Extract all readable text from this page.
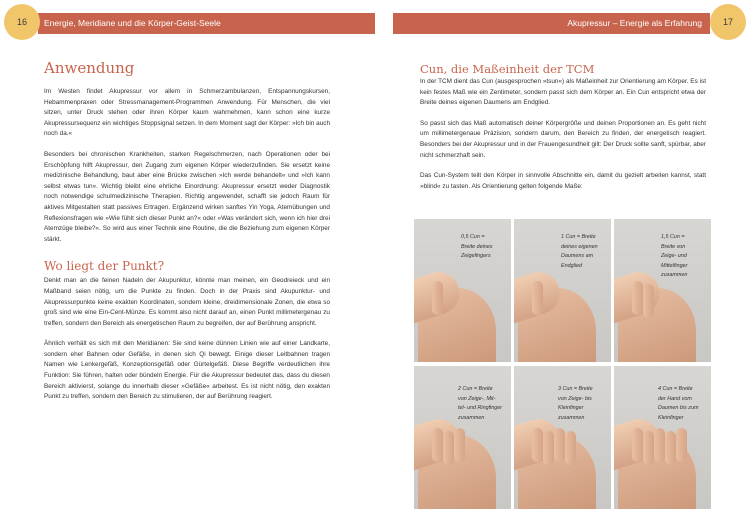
16	17
Energie, Meridiane und die Körper-Geist-Seele	Akupressur – Energie als Erfahrung
Anwendung

Im Westen findet Akupressur vor allem in Schmerzambulanzen, Entspannungskursen, Hebammenpraxen oder Stressmanagement-Programmen Anwendung. Für Menschen, die viel sitzen, unter Druck stehen oder ihren Körper kaum wahrnehmen, kann schon eine kurze Akupressursequenz ein wichtiges Stoppsignal setzen. In dem Moment sagt der Körper: »Ich bin auch noch da.«

Besonders bei chronischen Krankheiten, starken Regelschmerzen, nach Operationen oder bei Erschöpfung hilft Akupressur, den Zugang zum eigenen Körper wiederzufinden. Sie ersetzt keine medizinische Behandlung, baut aber eine Brücke zwischen »Ich werde behandelt« und »Ich kann selbst etwas tun«. Wichtig bleibt eine ehrliche Einordnung: Akupressur ersetzt weder Diagnostik noch notwendige schulmedizinische Therapien. Richtig angewendet, schafft sie jedoch Raum für aktives Mitgestalten statt passives Ertragen. Ergänzend wirken sanftes Yin Yoga, Atemübungen und Reflexionsfragen wie »Wie fühlt sich dieser Punkt an?« oder »Was verändert sich, wenn ich hier drei Atemzüge bleibe?«. So wird aus einer Technik eine Routine, die die Beziehung zum eigenen Körper stärkt.

Wo liegt der Punkt?

Denkt man an die feinen Nadeln der Akupunktur, könnte man meinen, ein Geodreieck und ein Maßband seien nötig, um die Punkte zu finden. Doch in der Praxis sind Akupunktur- und Akupressurpunkte keine exakten Koordinaten, sondern kleine, dreidimensionale Zonen, die etwa so groß sind wie eine Ein-Cent-Münze. Es kommt also nicht darauf an, einen Punkt millimetergenau zu treffen, sondern den Bereich als energetischen Raum zu begreifen, der auf Berührung anspricht.

Ähnlich verhält es sich mit den Meridianen: Sie sind keine dünnen Linien wie auf einer Landkarte, sondern eher Bahnen oder Gefäße, in denen sich Qi bewegt. Einige dieser Leitbahnen tragen Namen wie Lenkergefäß, Konzeptionsgefäß oder Gürtelgefäß. Diese Begriffe verdeutlichen ihre Funktion: Sie führen, halten oder bündeln Energie. Für die Akupressur bedeutet das, dass du diesen Bereich aktivierst, solange du innerhalb dieser »Gefäße« arbeitest. Es ist nicht nötig, den exakten Punkt zu treffen, sondern den Bereich zu stimulieren, der auf Berührung reagiert.

Cun, die Maßeinheit der TCM

In der TCM dient das Cun (ausgesprochen »tsun«) als Maßeinheit zur Orientierung am Körper. Es ist kein festes Maß wie ein Zentimeter, sondern passt sich dem Körper an. Ein Cun entspricht etwa der Breite deines eigenen Daumens am Endglied.

So passt sich das Maß automatisch deiner Körpergröße und deinen Proportionen an. Es geht nicht um millimetergenaue Präzision, sondern darum, den Bereich zu finden, der energetisch reagiert. Besonders bei der Akupressur und in der Frauengesundheit gilt: Der Druck sollte sanft, spürbar, aber nicht schmerzhaft sein.

Das Cun-System teilt den Körper in sinnvolle Abschnitte ein, damit du gezielt arbeiten kannst, statt »blind« zu tasten. Als Orientierung gelten folgende Maße:

0,5 Cun =
Breite deines
Zeigefingers
1 Cun = Breite
deines eigenen
Daumens am
Endglied
1,5 Cun =
Breite von
Zeige- und
Mittelfinger
zusammen
2 Cun = Breite
von Zeige-, Mit-
tel- und Ringfinger
zusammen
3 Cun = Breite
von Zeige- bis
Kleinfinger
zusammen
4 Cun = Breite
der Hand vom
Daumen bis zum
Kleinfinger
